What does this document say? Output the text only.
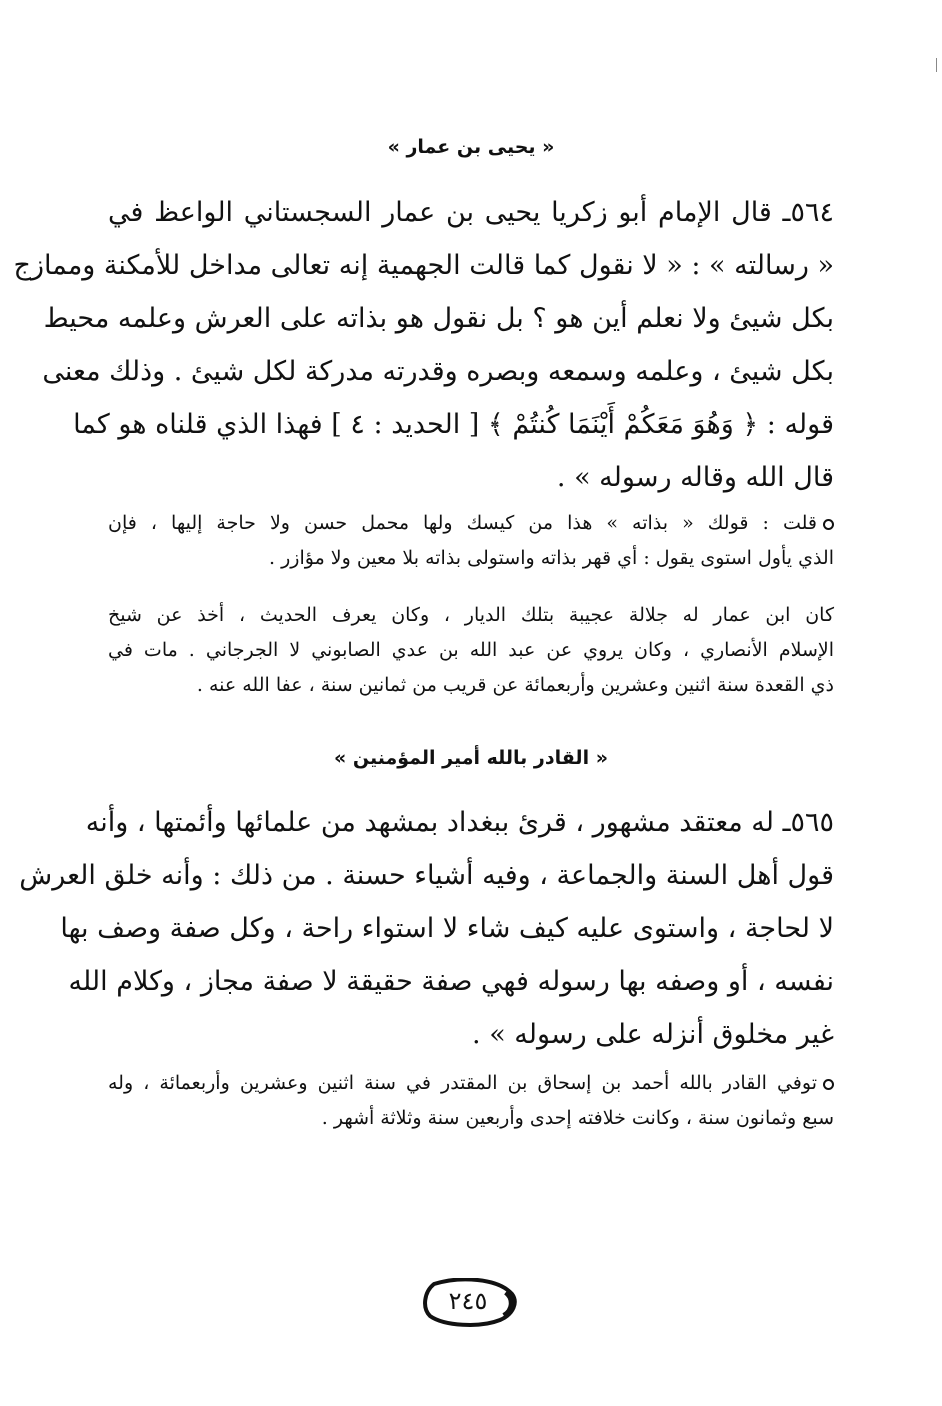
« يحيى بن عمار »
٥٦٤ـ قال الإمام أبو زكريا يحيى بن عمار السجستاني الواعظ في
« رسالته » : « لا نقول كما قالت الجهمية إنه تعالى مداخل للأمكنة وممازج
بكل شيئ ولا نعلم أين هو ؟ بل نقول هو بذاته على العرش وعلمه محيط
بكل شيئ ، وعلمه وسمعه وبصره وقدرته مدركة لكل شيئ . وذلك معنى
قوله : ﴿ وَهُوَ مَعَكُمْ أَيْنَمَا كُنتُمْ ﴾ [ الحديد : ٤ ] فهذا الذي قلناه هو كما
قال الله وقاله رسوله » .
قلت : قولك « بذاته » هذا من كيسك ولها محمل حسن ولا حاجة إليها ، فإن
الذي يأول استوى يقول : أي قهر بذاته واستولى بذاته بلا معين ولا مؤازر .
كان ابن عمار له جلالة عجيبة بتلك الديار ، وكان يعرف الحديث ، أخذ عن شيخ
الإسلام الأنصاري ، وكان يروي عن عبد الله بن عدي الصابوني لا الجرجاني . مات في
ذي القعدة سنة اثنين وعشرين وأربعمائة عن قريب من ثمانين سنة ، عفا الله عنه .
« القادر بالله أمير المؤمنين »
٥٦٥ـ له معتقد مشهور ، قرئ ببغداد بمشهد من علمائها وأئمتها ، وأنه
قول أهل السنة والجماعة ، وفيه أشياء حسنة . من ذلك : وأنه خلق العرش
لا لحاجة ، واستوى عليه كيف شاء لا استواء راحة ، وكل صفة وصف بها
نفسه ، أو وصفه بها رسوله فهي صفة حقيقة لا صفة مجاز ، وكلام الله
غير مخلوق أنزله على رسوله » .
توفي القادر بالله أحمد بن إسحاق بن المقتدر في سنة اثنين وعشرين وأربعمائة ، وله
سبع وثمانون سنة ، وكانت خلافته إحدى وأربعين سنة وثلاثة أشهر .
٢٤٥
